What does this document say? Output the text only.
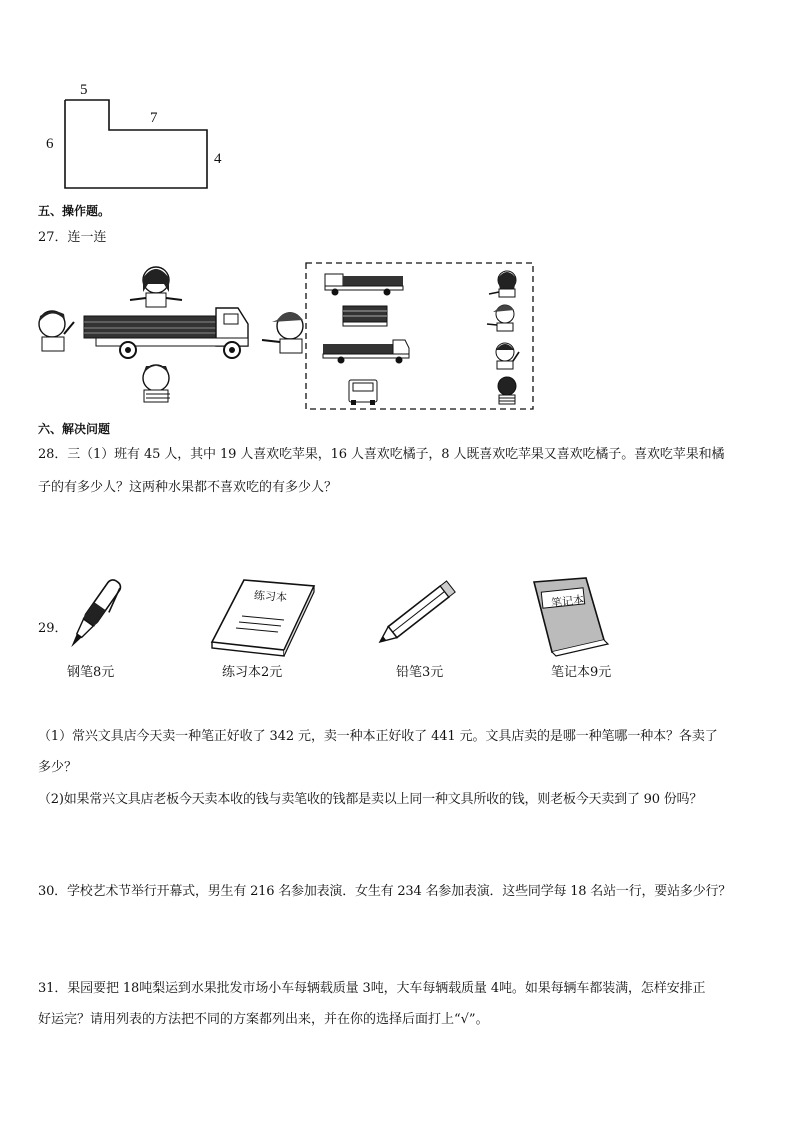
5
7
6
4
五、操作题。
27．连一连
六、解决问题
28．三（1）班有 45 人，其中 19 人喜欢吃苹果，16 人喜欢吃橘子，8 人既喜欢吃苹果又喜欢吃橘子。喜欢吃苹果和橘
子的有多少人？这两种水果都不喜欢吃的有多少人？
29．
练习本	笔记本
钢笔8元	练习本2元	铅笔3元	笔记本9元
（1）常兴文具店今天卖一种笔正好收了 342 元，卖一种本正好收了 441 元。文具店卖的是哪一种笔哪一种本？各卖了
多少？
（2)如果常兴文具店老板今天卖本收的钱与卖笔收的钱都是卖以上同一种文具所收的钱，则老板今天卖到了 90 份吗？
30．学校艺术节举行开幕式，男生有 216 名参加表演．女生有 234 名参加表演．这些同学每 18 名站一行，要站多少行？
31．果园要把 18吨梨运到水果批发市场小车每辆载质量 3吨，大车每辆载质量 4吨。如果每辆车都装满，怎样安排正
好运完？请用列表的方法把不同的方案都列出来，并在你的选择后面打上“√”。
